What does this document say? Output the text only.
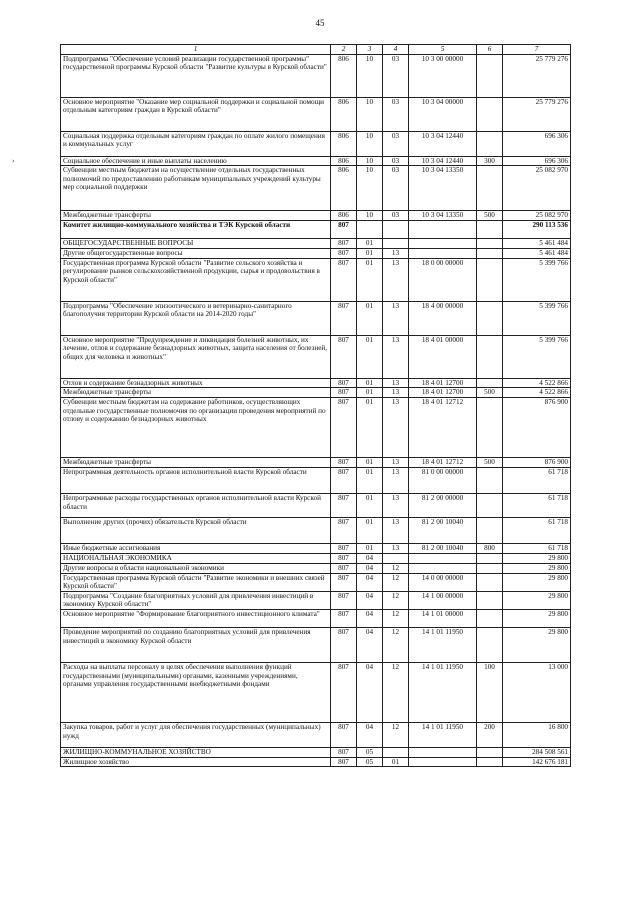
45
›
1	2	3	4	5	6	7
Подпрограмма "Обеспечение условий реализации государственной программы" государственной программы Курской области "Развитие культуры в Курской области"	806	10	03	10 3 00 00000		25 779 276
Основное мероприятие "Оказание мер социальной поддержки и социальной помощи отдельным категориям граждан в Курской области"	806	10	03	10 3 04 00000		25 779 276
Социальная поддержка отдельным категориям граждан по оплате жилого помещения и коммунальных услуг	806	10	03	10 3 04 12440		696 306
Социальное обеспечение и иные выплаты населению	806	10	03	10 3 04 12440	300	696 306
Субвенции местным бюджетам на осуществление отдельных государственных полномочий по предоставлению работникам муниципальных учреждений культуры мер социальной поддержки	806	10	03	10 3 04 13350		25 082 970
Межбюджетные трансферты	806	10	03	10 3 04 13350	500	25 082 970
Комитет жилищно-коммунального хозяйства и ТЭК Курской области	807					290 113 536
ОБЩЕГОСУДАРСТВЕННЫЕ ВОПРОСЫ	807	01				5 461 484
Другие общегосударственные вопросы	807	01	13			5 461 484
Государственная программа Курской области "Развитие сельского хозяйства и регулирование рынков сельскохозяйственной продукции, сырья и продовольствия в Курской области"	807	01	13	18 0 00 00000		5 399 766
Подпрограмма "Обеспечение эпизоотического и ветеринарно-санитарного благополучия территории Курской области на 2014-2020 годы"	807	01	13	18 4 00 00000		5 399 766
Основное мероприятие "Предупреждение и ликвидация болезней животных, их лечение, отлов и содержание безнадзорных животных, защита населения от болезней, общих для человека и животных"	807	01	13	18 4 01 00000		5 399 766
Отлов и содержание безнадзорных животных	807	01	13	18 4 01 12700		4 522 866
Межбюджетные трансферты	807	01	13	18 4 01 12700	500	4 522 866
Субвенции местным бюджетам на содержание работников, осуществляющих отдельные государственные полномочия по организации проведения мероприятий по отлову и содержанию безнадзорных животных	807	01	13	18 4 01 12712		876 900
Межбюджетные трансферты	807	01	13	18 4 01 12712	500	876 900
Непрограммная деятельность органов исполнительной власти Курской области	807	01	13	81 0 00 00000		61 718
Непрограммные расходы государственных органов исполнительной власти Курской области	807	01	13	81 2 00 00000		61 718
Выполнение других (прочих) обязательств Курской области	807	01	13	81 2 00 10040		61 718
Иные бюджетные ассигнования	807	01	13	81 2 00 10040	800	61 718
НАЦИОНАЛЬНАЯ ЭКОНОМИКА	807	04				29 800
Другие вопросы в области национальной экономики	807	04	12			29 800
Государственная программа Курской области "Развитие экономики и внешних связей Курской области"	807	04	12	14 0 00 00000		29 800
Подпрограмма "Создание благоприятных условий для привлечения инвестиций в экономику Курской области"	807	04	12	14 1 00 00000		29 800
Основное мероприятие "Формирование благоприятного инвестиционного климата"	807	04	12	14 1 01 00000		29 800
Проведение мероприятий по созданию благоприятных условий для привлечения инвестиций в экономику Курской области	807	04	12	14 1 01 11950		29 800
Расходы на выплаты персоналу в целях обеспечения выполнения функций государственными (муниципальными) органами, казенными учреждениями, органами управления государственными внебюджетными фондами	807	04	12	14 1 01 11950	100	13 000
Закупка товаров, работ и услуг для обеспечения государственных (муниципальных) нужд	807	04	12	14 1 01 11950	200	16 800
ЖИЛИЩНО-КОММУНАЛЬНОЕ ХОЗЯЙСТВО	807	05				284 508 561
Жилищное хозяйство	807	05	01			142 676 181
